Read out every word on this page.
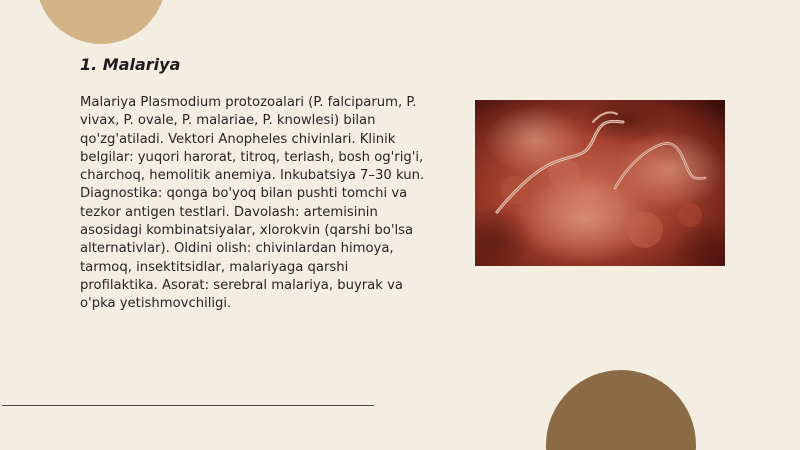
1. Malariya

Malariya Plasmodium protozoalari (P. falciparum, P. vivax, P. ovale, P. malariae, P. knowlesi) bilan qo'zg'atiladi. Vektori Anopheles chivinlari. Klinik belgilar: yuqori harorat, titroq, terlash, bosh og'rig'i, charchoq, hemolitik anemiya. Inkubatsiya 7–30 kun. Diagnostika: qonga bo'yoq bilan pushti tomchi va tezkor antigen testlari. Davolash: artemisinin asosidagi kombinatsiyalar, xlorokvin (qarshi bo'lsa alternativlar). Oldini olish: chivinlardan himoya, tarmoq, insektitsidlar, malariyaga qarshi profilaktika. Asorat: serebral malariya, buyrak va o'pka yetishmovchiligi.
